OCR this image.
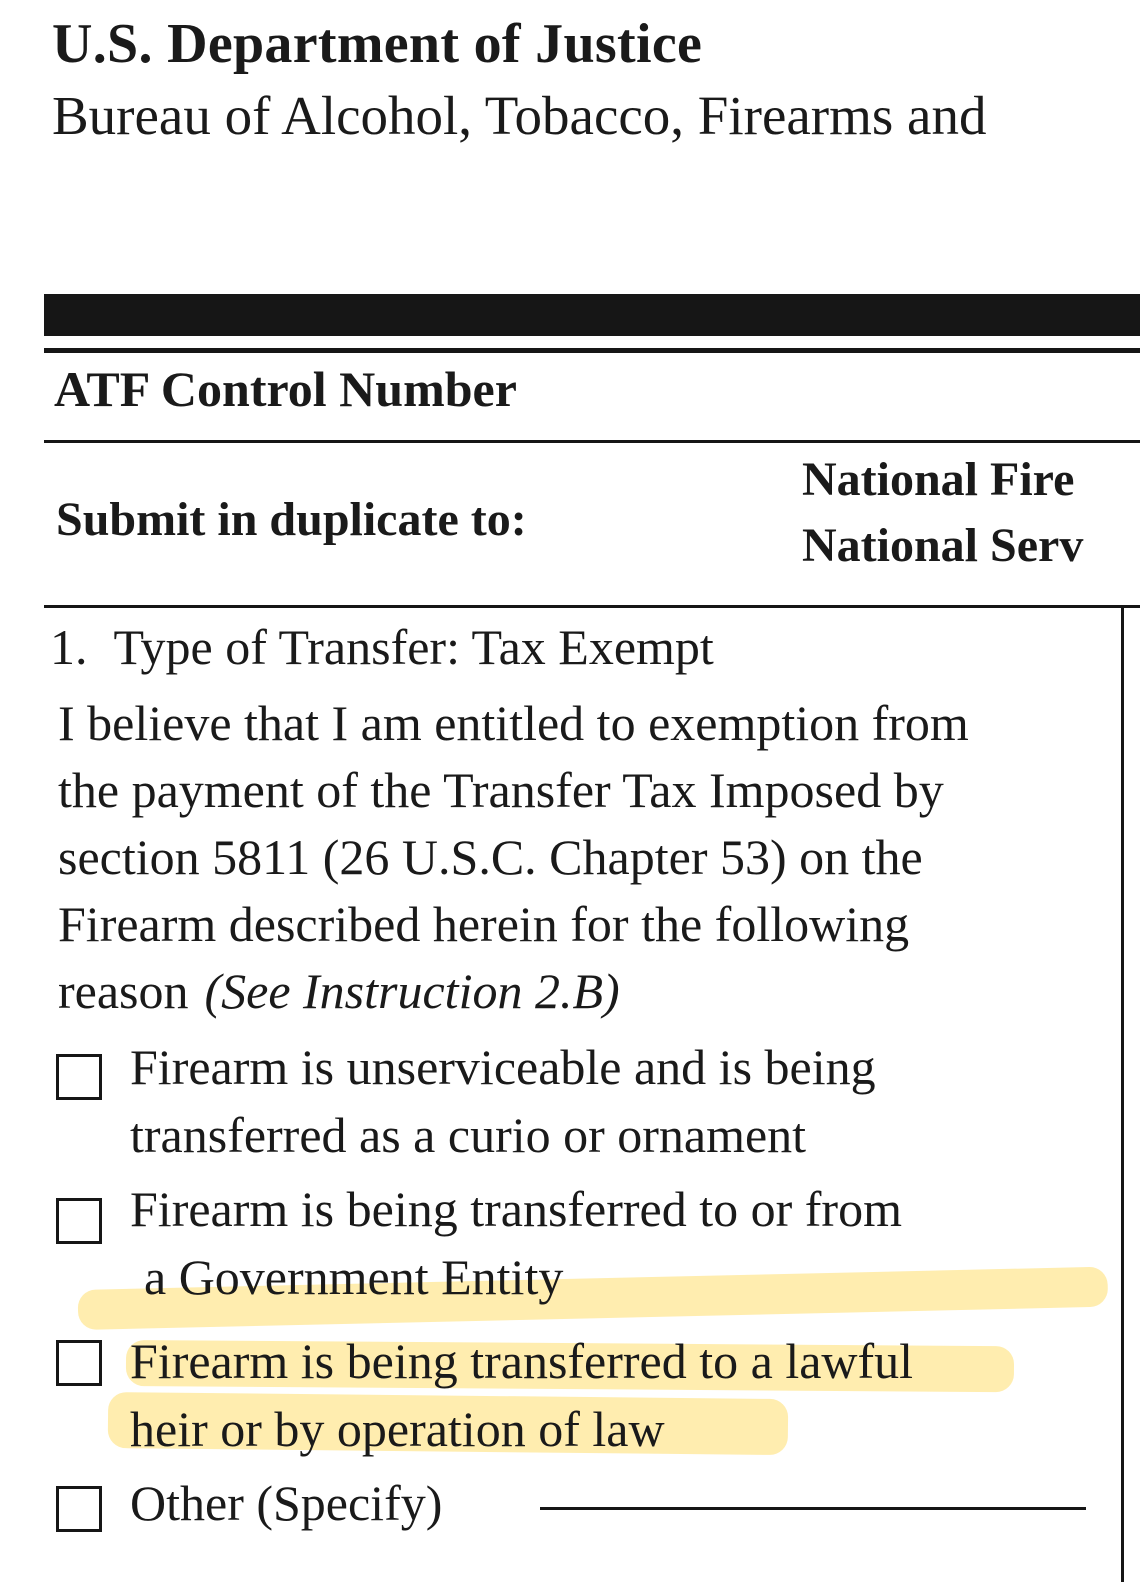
U.S. Department of Justice
Bureau of Alcohol, Tobacco, Firearms and
ATF Control Number
Submit in duplicate to:
National Fire
National Serv
1. Type of Transfer: Tax Exempt
I believe that I am entitled to exemption from
the payment of the Transfer Tax Imposed by
section 5811 (26 U.S.C. Chapter 53) on the
Firearm described herein for the following
reason (See Instruction 2.B)
Firearm is unserviceable and is being
transferred as a curio or ornament
Firearm is being transferred to or from
a Government Entity
Firearm is being transferred to a lawful
heir or by operation of law
Other (Specify)
